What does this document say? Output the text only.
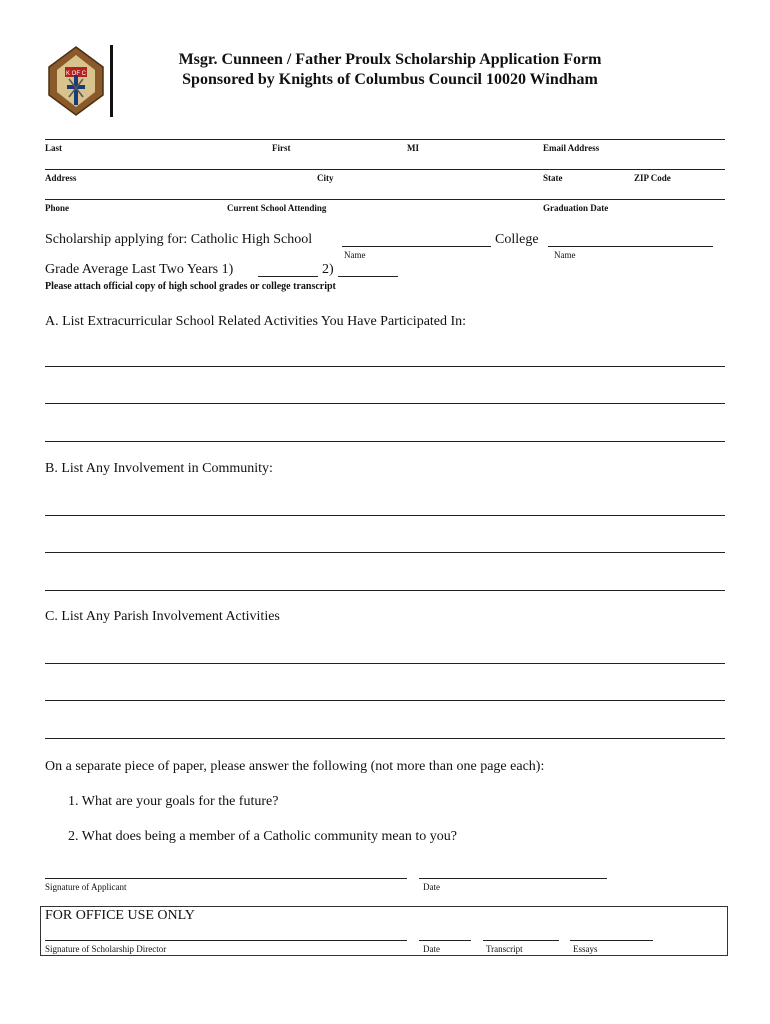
K OF C
Msgr. Cunneen / Father Proulx Scholarship Application Form
Sponsored by Knights of Columbus Council 10020 Windham
Last	First	MI	Email Address
Address	City	State	ZIP Code
Phone	Current School Attending	Graduation Date
Scholarship applying for: Catholic High School	College
Name	Name
Grade Average Last Two Years 1)	2)
Please attach official copy of high school grades or college transcript
A. List Extracurricular School Related Activities You Have Participated In:
B. List Any Involvement in Community:
C. List Any Parish Involvement Activities
On a separate piece of paper, please answer the following (not more than one page each):
1. What are your goals for the future?
2. What does being a member of a Catholic community mean to you?
Signature of Applicant	Date
FOR OFFICE USE ONLY
Signature of Scholarship Director	Date	Transcript	Essays
